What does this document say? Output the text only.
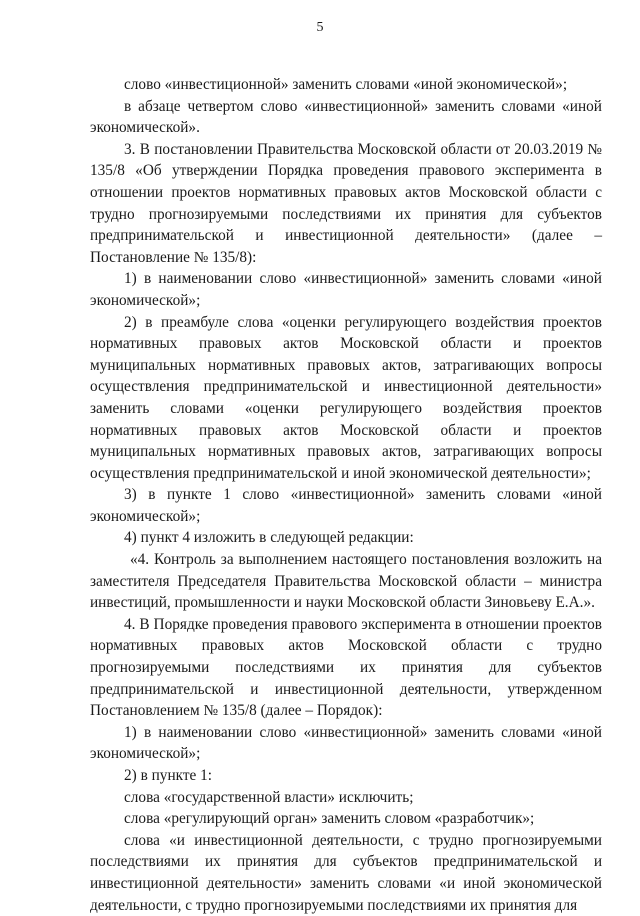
5

слово «инвестиционной» заменить словами «иной экономической»;

в абзаце четвертом слово «инвестиционной» заменить словами «иной экономической».

3. В постановлении Правительства Московской области от 20.03.2019 № 135/8 «Об утверждении Порядка проведения правового эксперимента в отношении проектов нормативных правовых актов Московской области с трудно прогнозируемыми последствиями их принятия для субъектов предпринимательской и инвестиционной деятельности» (далее – Постановление № 135/8):

1) в наименовании слово «инвестиционной» заменить словами «иной экономической»;

2) в преамбуле слова «оценки регулирующего воздействия проектов нормативных правовых актов Московской области и проектов муниципальных нормативных правовых актов, затрагивающих вопросы осуществления предпринимательской и инвестиционной деятельности» заменить словами «оценки регулирующего воздействия проектов нормативных правовых актов Московской области и проектов муниципальных нормативных правовых актов, затрагивающих вопросы осуществления предпринимательской и иной экономической деятельности»;

3) в пункте 1 слово «инвестиционной» заменить словами «иной экономической»;

4) пункт 4 изложить в следующей редакции:

«4. Контроль за выполнением настоящего постановления возложить на заместителя Председателя Правительства Московской области – министра инвестиций, промышленности и науки Московской области Зиновьеву Е.А.».

4. В Порядке проведения правового эксперимента в отношении проектов нормативных правовых актов Московской области с трудно прогнозируемыми последствиями их принятия для субъектов предпринимательской и инвестиционной деятельности, утвержденном Постановлением № 135/8 (далее – Порядок):

1) в наименовании слово «инвестиционной» заменить словами «иной экономической»;

2) в пункте 1:

слова «государственной власти» исключить;

слова «регулирующий орган» заменить словом «разработчик»;

слова «и инвестиционной деятельности, с трудно прогнозируемыми последствиями их принятия для субъектов предпринимательской и инвестиционной деятельности» заменить словами «и иной экономической деятельности, с трудно прогнозируемыми последствиями их принятия для
